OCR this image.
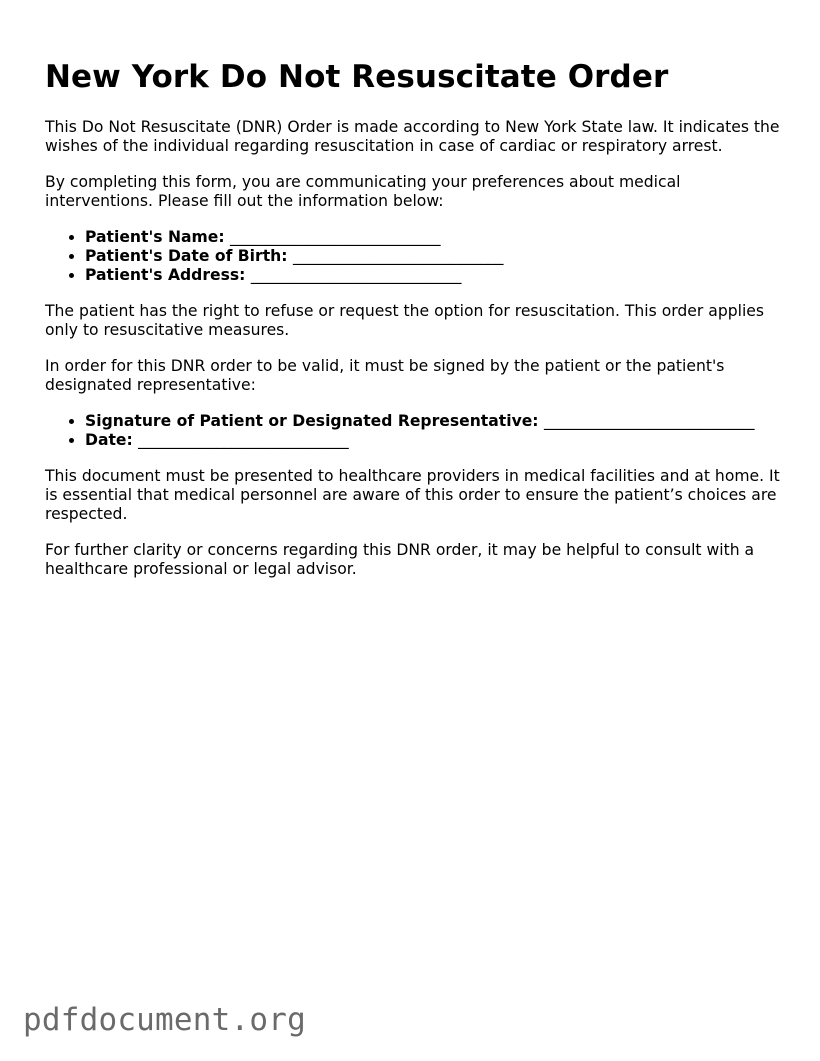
New York Do Not Resuscitate Order

This Do Not Resuscitate (DNR) Order is made according to New York State law. It indicates the wishes of the individual regarding resuscitation in case of cardiac or respiratory arrest.

By completing this form, you are communicating your preferences about medical interventions. Please fill out the information below:

• Patient's Name: ___________________________
• Patient's Date of Birth: ___________________________
• Patient's Address: ___________________________

The patient has the right to refuse or request the option for resuscitation. This order applies only to resuscitative measures.

In order for this DNR order to be valid, it must be signed by the patient or the patient's designated representative:

• Signature of Patient or Designated Representative: ___________________________
• Date: ___________________________

This document must be presented to healthcare providers in medical facilities and at home. It is essential that medical personnel are aware of this order to ensure the patient’s choices are respected.

For further clarity or concerns regarding this DNR order, it may be helpful to consult with a healthcare professional or legal advisor.

pdfdocument.org
